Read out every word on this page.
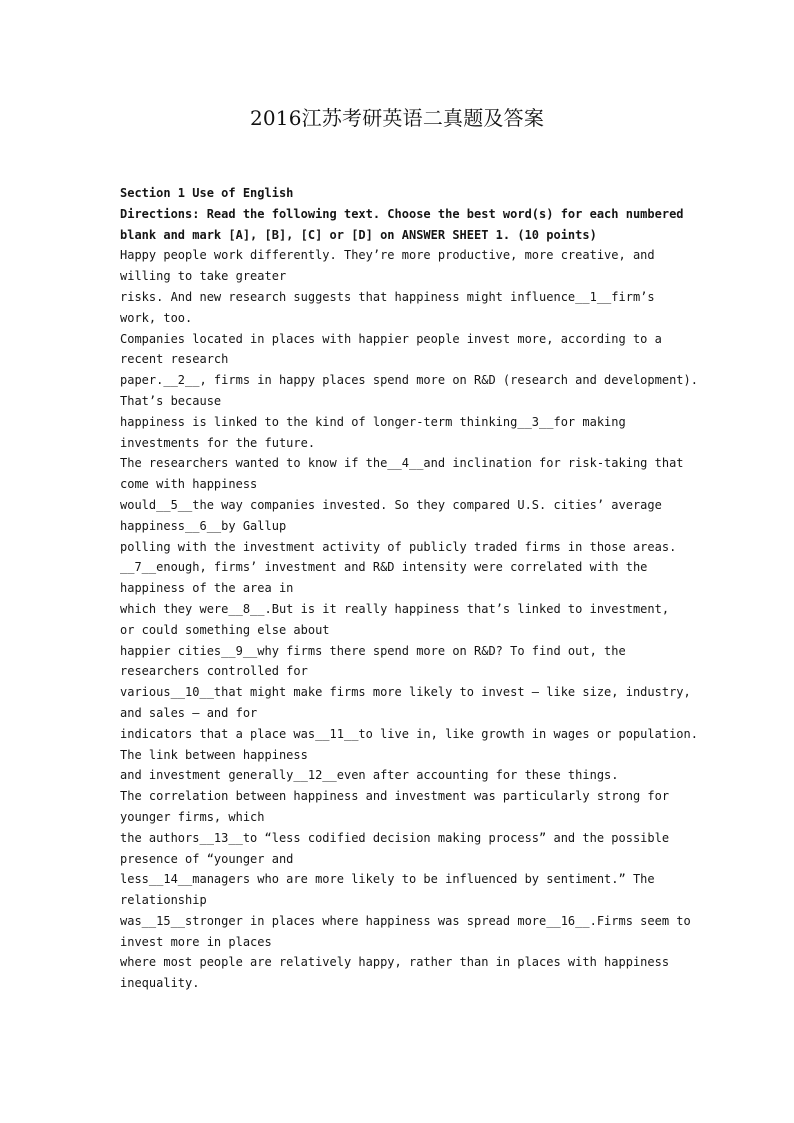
2016江苏考研英语二真题及答案
Section 1 Use of English
Directions: Read the following text. Choose the best word(s) for each numbered
blank and mark [A], [B], [C] or [D] on ANSWER SHEET 1. (10 points)
Happy people work differently. They’re more productive, more creative, and
willing to take greater
risks. And new research suggests that happiness might influence__1__firm’s
work, too.
Companies located in places with happier people invest more, according to a
recent research
paper.__2__, firms in happy places spend more on R&D (research and development).
That’s because
happiness is linked to the kind of longer-term thinking__3__for making
investments for the future.
The researchers wanted to know if the__4__and inclination for risk-taking that
come with happiness
would__5__the way companies invested. So they compared U.S. cities’ average
happiness__6__by Gallup
polling with the investment activity of publicly traded firms in those areas.
__7__enough, firms’ investment and R&D intensity were correlated with the
happiness of the area in
which they were__8__.But is it really happiness that’s linked to investment,
or could something else about
happier cities__9__why firms there spend more on R&D? To find out, the
researchers controlled for
various__10__that might make firms more likely to invest – like size, industry,
and sales – and for
indicators that a place was__11__to live in, like growth in wages or population.
The link between happiness
and investment generally__12__even after accounting for these things.
The correlation between happiness and investment was particularly strong for
younger firms, which
the authors__13__to “less codified decision making process” and the possible
presence of “younger and
less__14__managers who are more likely to be influenced by sentiment.” The
relationship
was__15__stronger in places where happiness was spread more__16__.Firms seem to
invest more in places
where most people are relatively happy, rather than in places with happiness
inequality.
